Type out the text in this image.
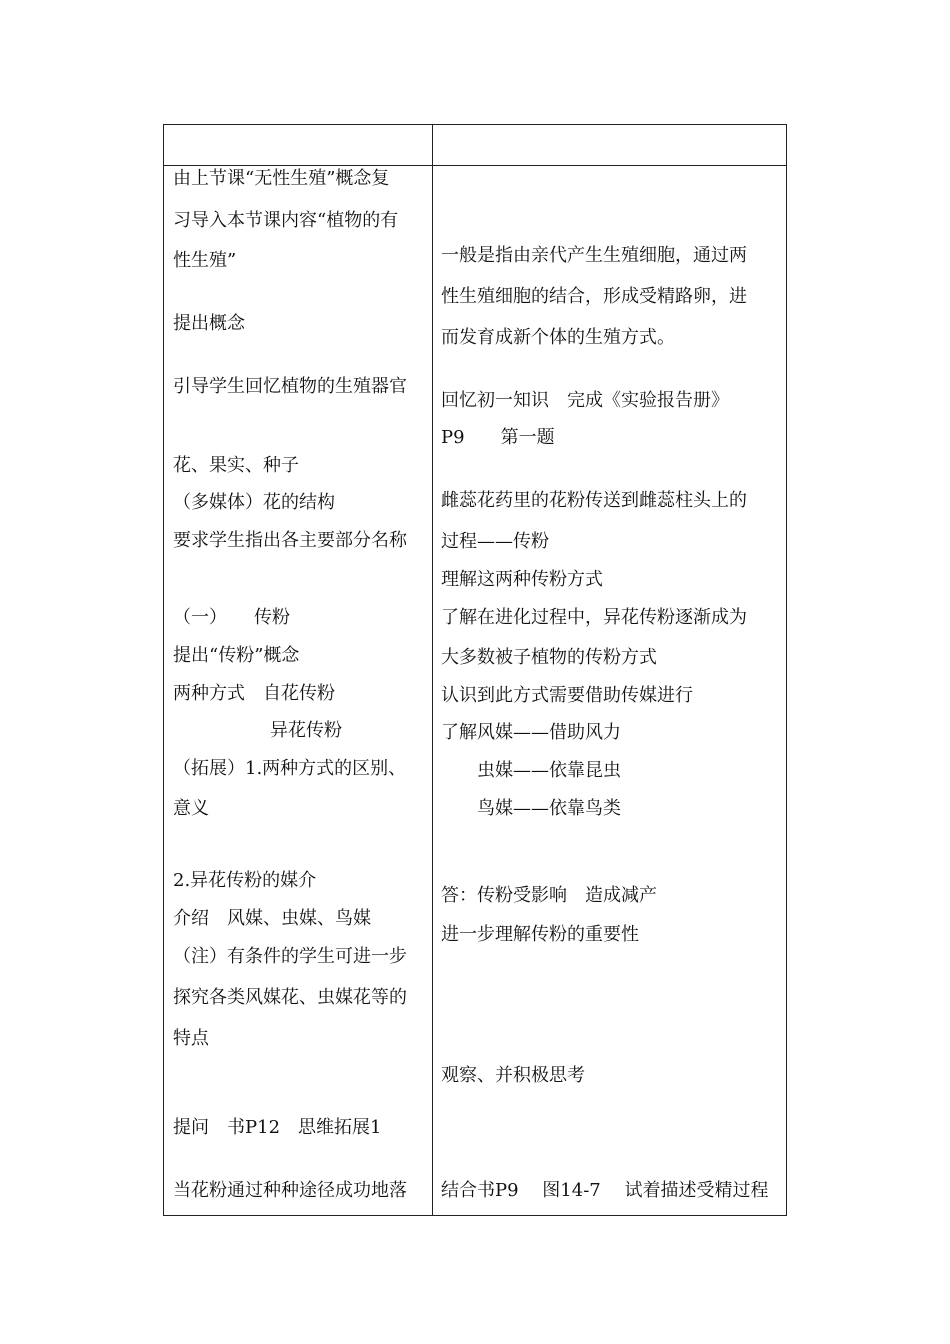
由上节课“无性生殖”概念复
习导入本节课内容“植物的有
性生殖”
提出概念
引导学生回忆植物的生殖器官
花、果实、种子
（多媒体）花的结构
要求学生指出各主要部分名称
（一）　　传粉
提出“传粉”概念
两种方式　自花传粉
异花传粉
（拓展）1.两种方式的区别、
意义
2.异花传粉的媒介
介绍　风媒、虫媒、鸟媒
（注）有条件的学生可进一步
探究各类风媒花、虫媒花等的
特点
提问　书P12　思维拓展1
当花粉通过种种途径成功地落
一般是指由亲代产生生殖细胞，通过两
性生殖细胞的结合，形成受精路卵，进
而发育成新个体的生殖方式。
回忆初一知识　完成《实验报告册》
P9　　第一题
雌蕊花药里的花粉传送到雌蕊柱头上的
过程——传粉
理解这两种传粉方式
了解在进化过程中，异花传粉逐渐成为
大多数被子植物的传粉方式
认识到此方式需要借助传媒进行
了解风媒——借助风力
虫媒——依靠昆虫
鸟媒——依靠鸟类
答：传粉受影响　造成减产
进一步理解传粉的重要性
观察、并积极思考
结合书P9　 图14-7　 试着描述受精过程
